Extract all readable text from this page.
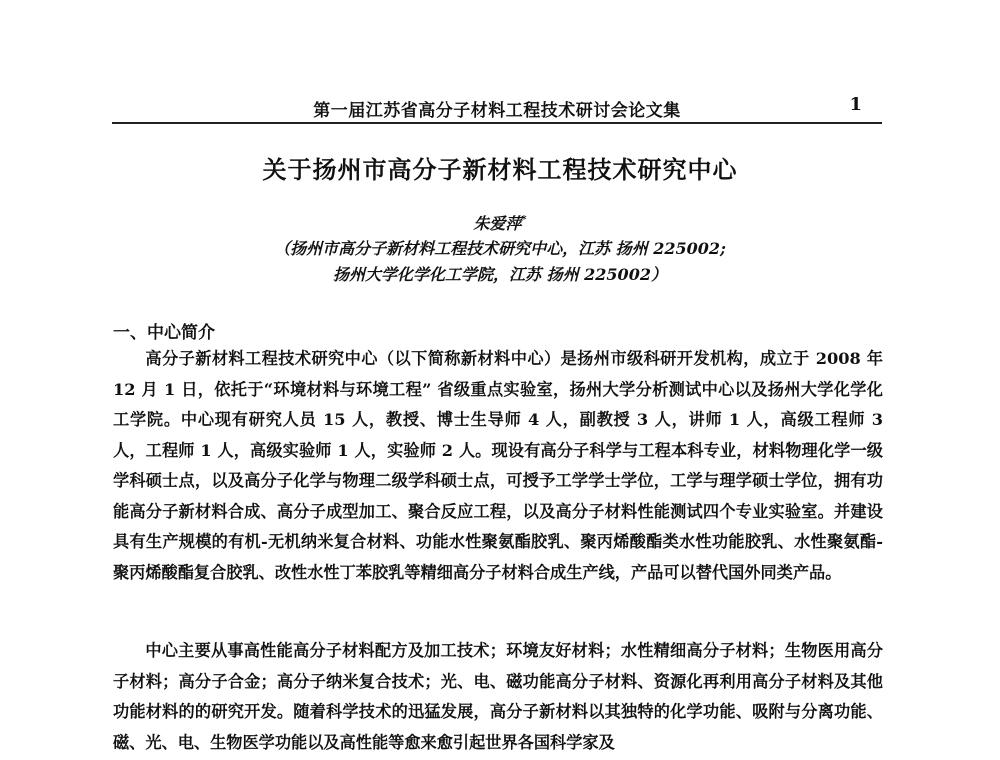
第一届江苏省高分子材料工程技术研讨会论文集	1
关于扬州市高分子新材料工程技术研究中心
朱爱萍*
（扬州市高分子新材料工程技术研究中心，江苏 扬州 225002;
扬州大学化学化工学院，江苏 扬州 225002）
一、中心简介

高分子新材料工程技术研究中心（以下简称新材料中心）是扬州市级科研开发机构，成立于 2008 年 12 月 1 日，依托于“环境材料与环境工程” 省级重点实验室，扬州大学分析测试中心以及扬州大学化学化工学院。中心现有研究人员 15 人，教授、博士生导师 4 人，副教授 3 人，讲师 1 人，高级工程师 3 人，工程师 1 人，高级实验师 1 人，实验师 2 人。现设有高分子科学与工程本科专业，材料物理化学一级学科硕士点，以及高分子化学与物理二级学科硕士点，可授予工学学士学位，工学与理学硕士学位，拥有功能高分子新材料合成、高分子成型加工、聚合反应工程，以及高分子材料性能测试四个专业实验室。并建设具有生产规模的有机-无机纳米复合材料、功能水性聚氨酯胶乳、聚丙烯酸酯类水性功能胶乳、水性聚氨酯-聚丙烯酸酯复合胶乳、改性水性丁苯胶乳等精细高分子材料合成生产线，产品可以替代国外同类产品。

中心主要从事高性能高分子材料配方及加工技术；环境友好材料；水性精细高分子材料；生物医用高分子材料；高分子合金；高分子纳米复合技术；光、电、磁功能高分子材料、资源化再利用高分子材料及其他功能材料的的研究开发。随着科学技术的迅猛发展，高分子新材料以其独特的化学功能、吸附与分离功能、磁、光、电、生物医学功能以及高性能等愈来愈引起世界各国科学家及
